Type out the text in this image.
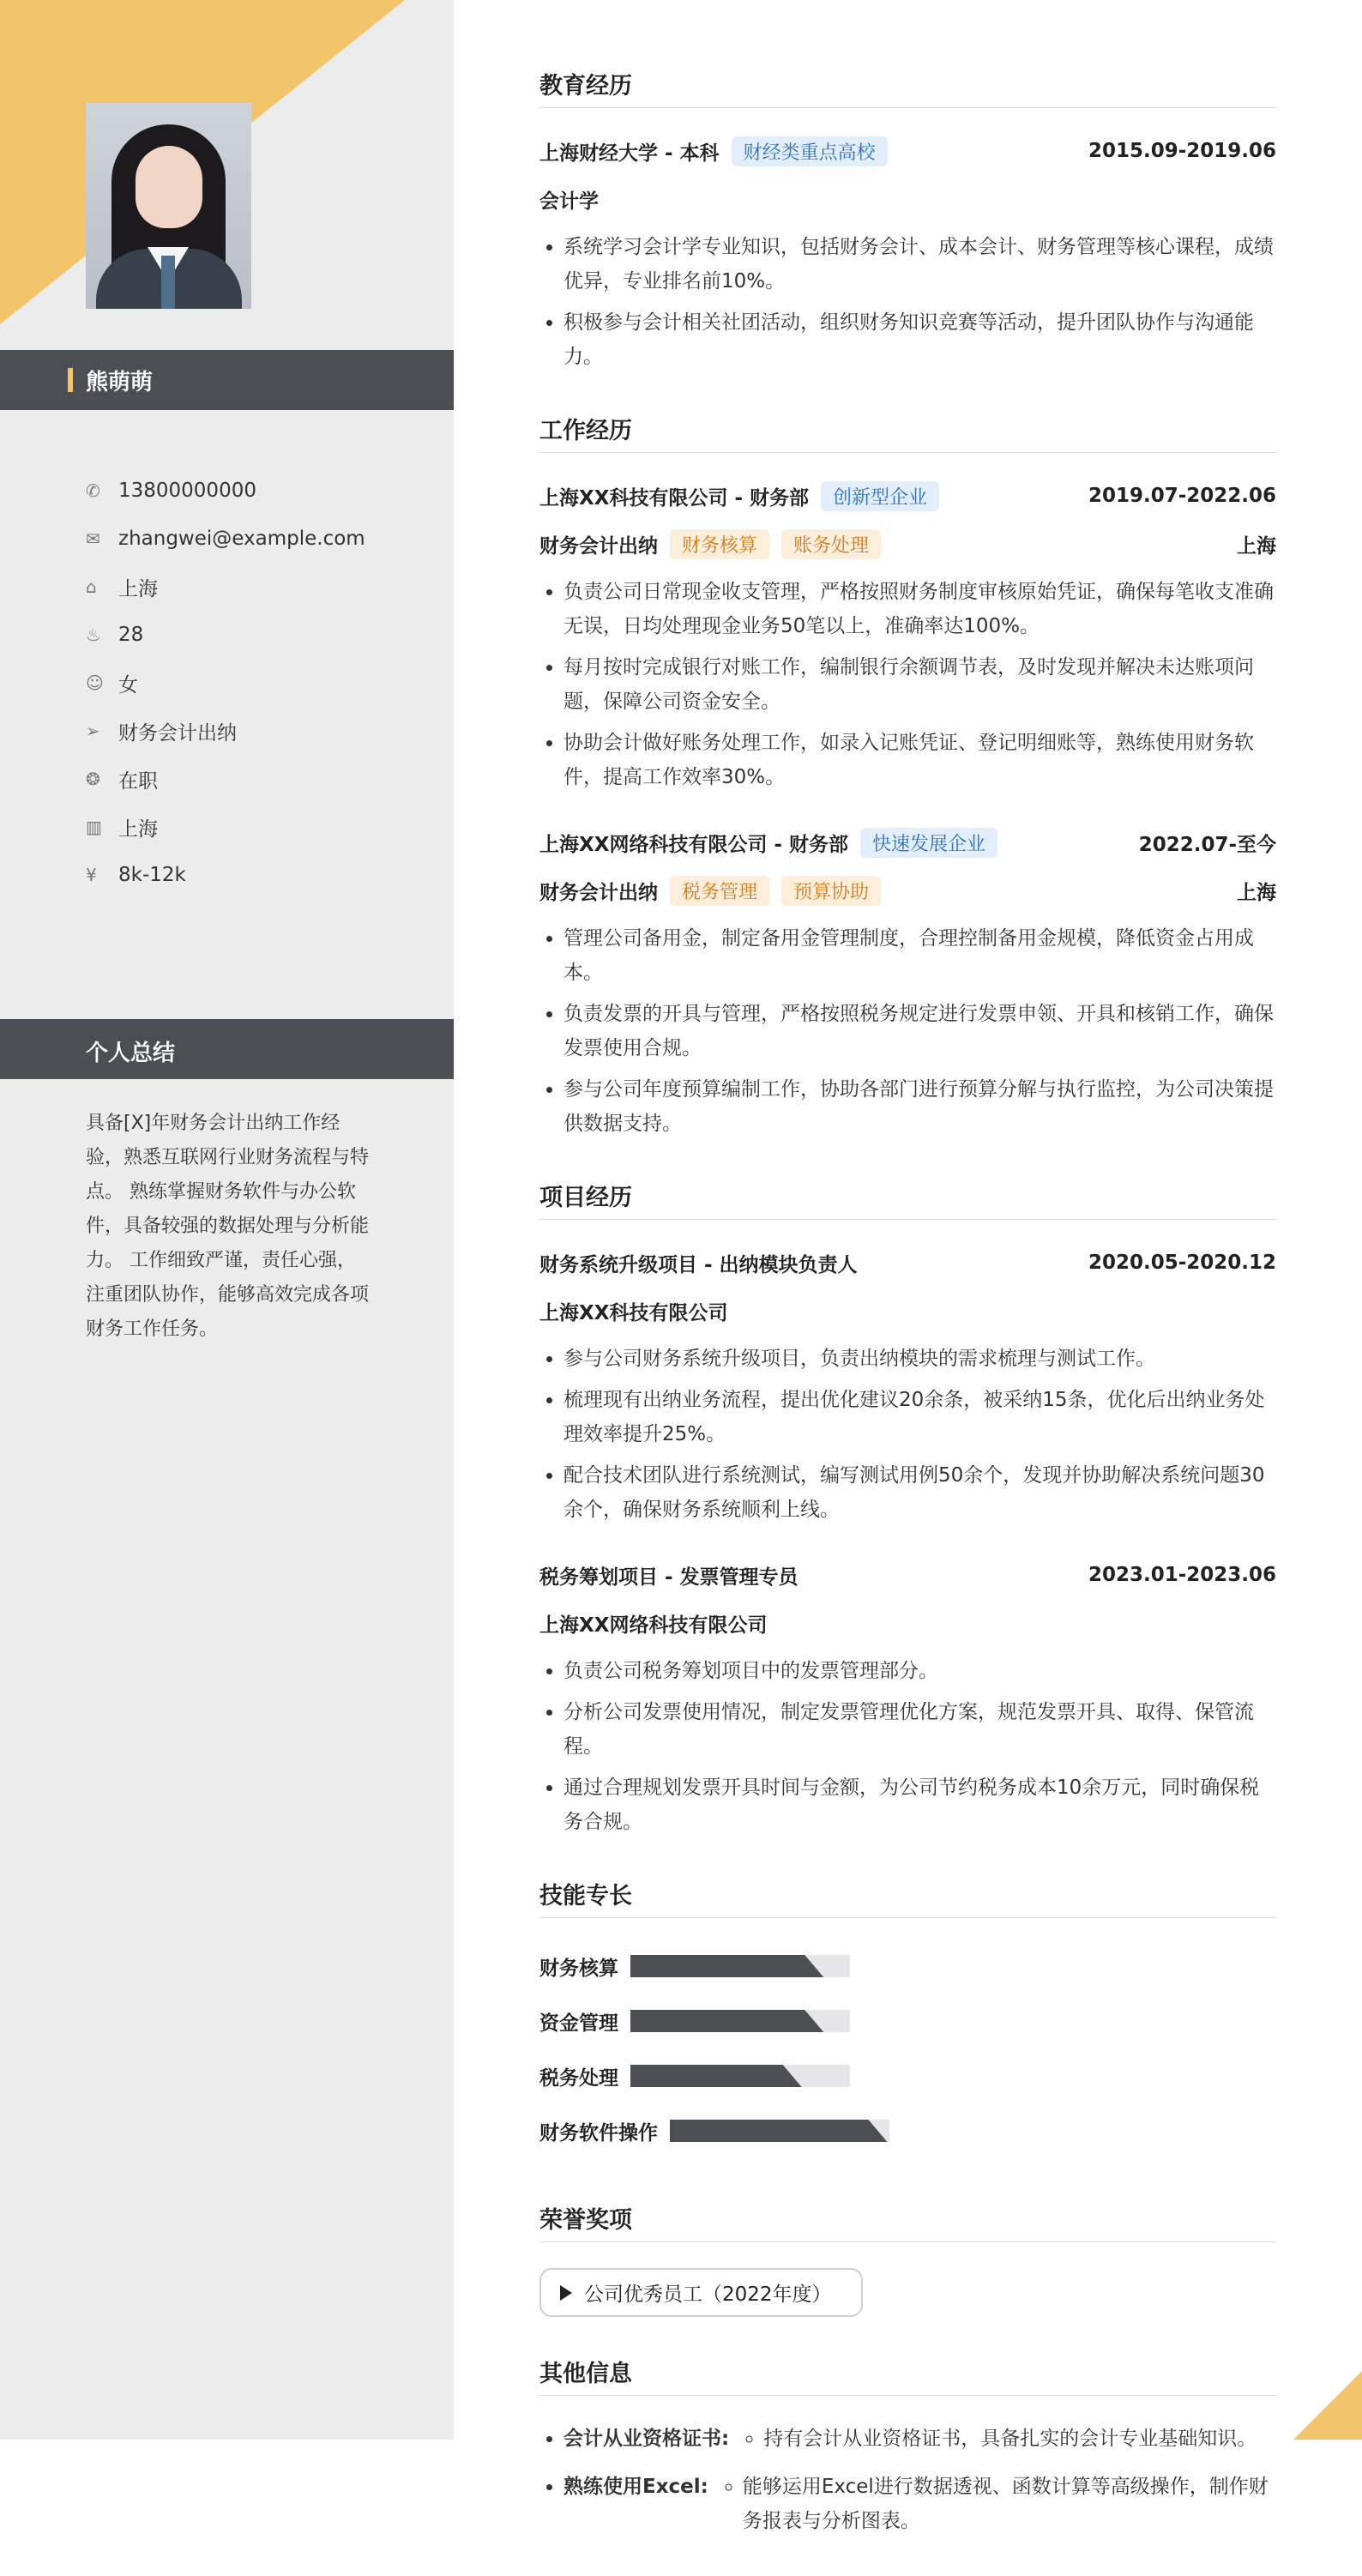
熊萌萌
✆ 13800000000
✉ zhangwei@example.com
⌂	上海
♨ 28
☺ 女
➢ 财务会计出纳
❂ 在职
▥ 上海
¥	8k-12k
个人总结
具备[X]年财务会计出纳工作经验，熟悉互联网行业财务流程与特点。 熟练掌握财务软件与办公软件，具备较强的数据处理与分析能力。 工作细致严谨，责任心强，注重团队协作，能够高效完成各项财务工作任务。
教育经历
上海财经大学 - 本科	财经类重点高校	2015.09-2019.06
会计学
• 系统学习会计学专业知识，包括财务会计、成本会计、财务管理等核心课程，成绩优异，专业排名前10%。
• 积极参与会计相关社团活动，组织财务知识竞赛等活动，提升团队协作与沟通能力。
工作经历
上海XX科技有限公司 - 财务部	创新型企业	2019.07-2022.06
财务会计出纳	财务核算	账务处理	上海
• 负责公司日常现金收支管理，严格按照财务制度审核原始凭证，确保每笔收支准确无误，日均处理现金业务50笔以上，准确率达100%。
• 每月按时完成银行对账工作，编制银行余额调节表，及时发现并解决未达账项问题，保障公司资金安全。
• 协助会计做好账务处理工作，如录入记账凭证、登记明细账等，熟练使用财务软件，提高工作效率30%。
上海XX网络科技有限公司 - 财务部	快速发展企业	2022.07-至今
财务会计出纳	税务管理	预算协助	上海
• 管理公司备用金，制定备用金管理制度，合理控制备用金规模，降低资金占用成本。
• 负责发票的开具与管理，严格按照税务规定进行发票申领、开具和核销工作，确保发票使用合规。
• 参与公司年度预算编制工作，协助各部门进行预算分解与执行监控，为公司决策提供数据支持。
项目经历
财务系统升级项目 - 出纳模块负责人	2020.05-2020.12
上海XX科技有限公司
• 参与公司财务系统升级项目，负责出纳模块的需求梳理与测试工作。
• 梳理现有出纳业务流程，提出优化建议20余条，被采纳15条，优化后出纳业务处理效率提升25%。
• 配合技术团队进行系统测试，编写测试用例50余个，发现并协助解决系统问题30余个，确保财务系统顺利上线。
税务筹划项目 - 发票管理专员	2023.01-2023.06
上海XX网络科技有限公司
• 负责公司税务筹划项目中的发票管理部分。
• 分析公司发票使用情况，制定发票管理优化方案，规范发票开具、取得、保管流程。
• 通过合理规划发票开具时间与金额，为公司节约税务成本10余万元，同时确保税务合规。
技能专长
财务核算
资金管理
税务处理
财务软件操作
荣誉奖项
公司优秀员工（2022年度）
其他信息
• 会计从业资格证书: ◦ 持有会计从业资格证书，具备扎实的会计专业基础知识。
• 熟练使用Excel: ◦ 能够运用Excel进行数据透视、函数计算等高级操作，制作财务报表与分析图表。
